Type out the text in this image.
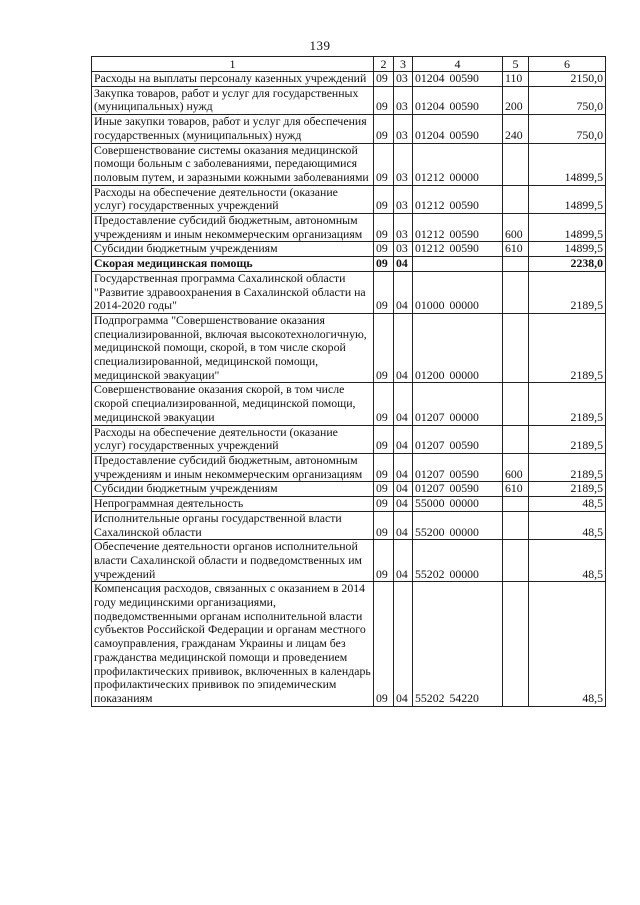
139
1	2	3	4	5	6
Расходы на выплаты персоналу казенных учреждений	09	03	01204 00590	110	2150,0
Закупка товаров, работ и услуг для государственных (муниципальных) нужд	09	03	01204 00590	200	750,0
Иные закупки товаров, работ и услуг для обеспечения государственных (муниципальных) нужд	09	03	01204 00590	240	750,0
Совершенствование системы оказания медицинской помощи больным с заболеваниями, передающимися половым путем, и заразными кожными заболеваниями	09	03	01212 00000		14899,5
Расходы на обеспечение деятельности (оказание услуг) государственных учреждений	09	03	01212 00590		14899,5
Предоставление субсидий бюджетным, автономным учреждениям и иным некоммерческим организациям	09	03	01212 00590	600	14899,5
Субсидии бюджетным учреждениям	09	03	01212 00590	610	14899,5
Скорая медицинская помощь	09	04			2238,0
Государственная программа Сахалинской области "Развитие здравоохранения в Сахалинской области на 2014-2020 годы"	09	04	01000 00000		2189,5
Подпрограмма "Совершенствование оказания специализированной, включая высокотехнологичную, медицинской помощи, скорой, в том числе скорой специализированной, медицинской помощи, медицинской эвакуации"	09	04	01200 00000		2189,5
Совершенствование оказания скорой, в том числе скорой специализированной, медицинской помощи, медицинской эвакуации	09	04	01207 00000		2189,5
Расходы на обеспечение деятельности (оказание услуг) государственных учреждений	09	04	01207 00590		2189,5
Предоставление субсидий бюджетным, автономным учреждениям и иным некоммерческим организациям	09	04	01207 00590	600	2189,5
Субсидии бюджетным учреждениям	09	04	01207 00590	610	2189,5
Непрограммная деятельность	09	04	55000 00000		48,5
Исполнительные органы государственной власти Сахалинской области	09	04	55200 00000		48,5
Обеспечение деятельности органов исполнительной власти Сахалинской области и подведомственных им учреждений	09	04	55202 00000		48,5
Компенсация расходов, связанных с оказанием в 2014 году медицинскими организациями, подведомственными органам исполнительной власти субъектов Российской Федерации и органам местного самоуправления, гражданам Украины и лицам без гражданства медицинской помощи и проведением профилактических прививок, включенных в календарь профилактических прививок по эпидемическим показаниям	09	04	55202 54220		48,5
